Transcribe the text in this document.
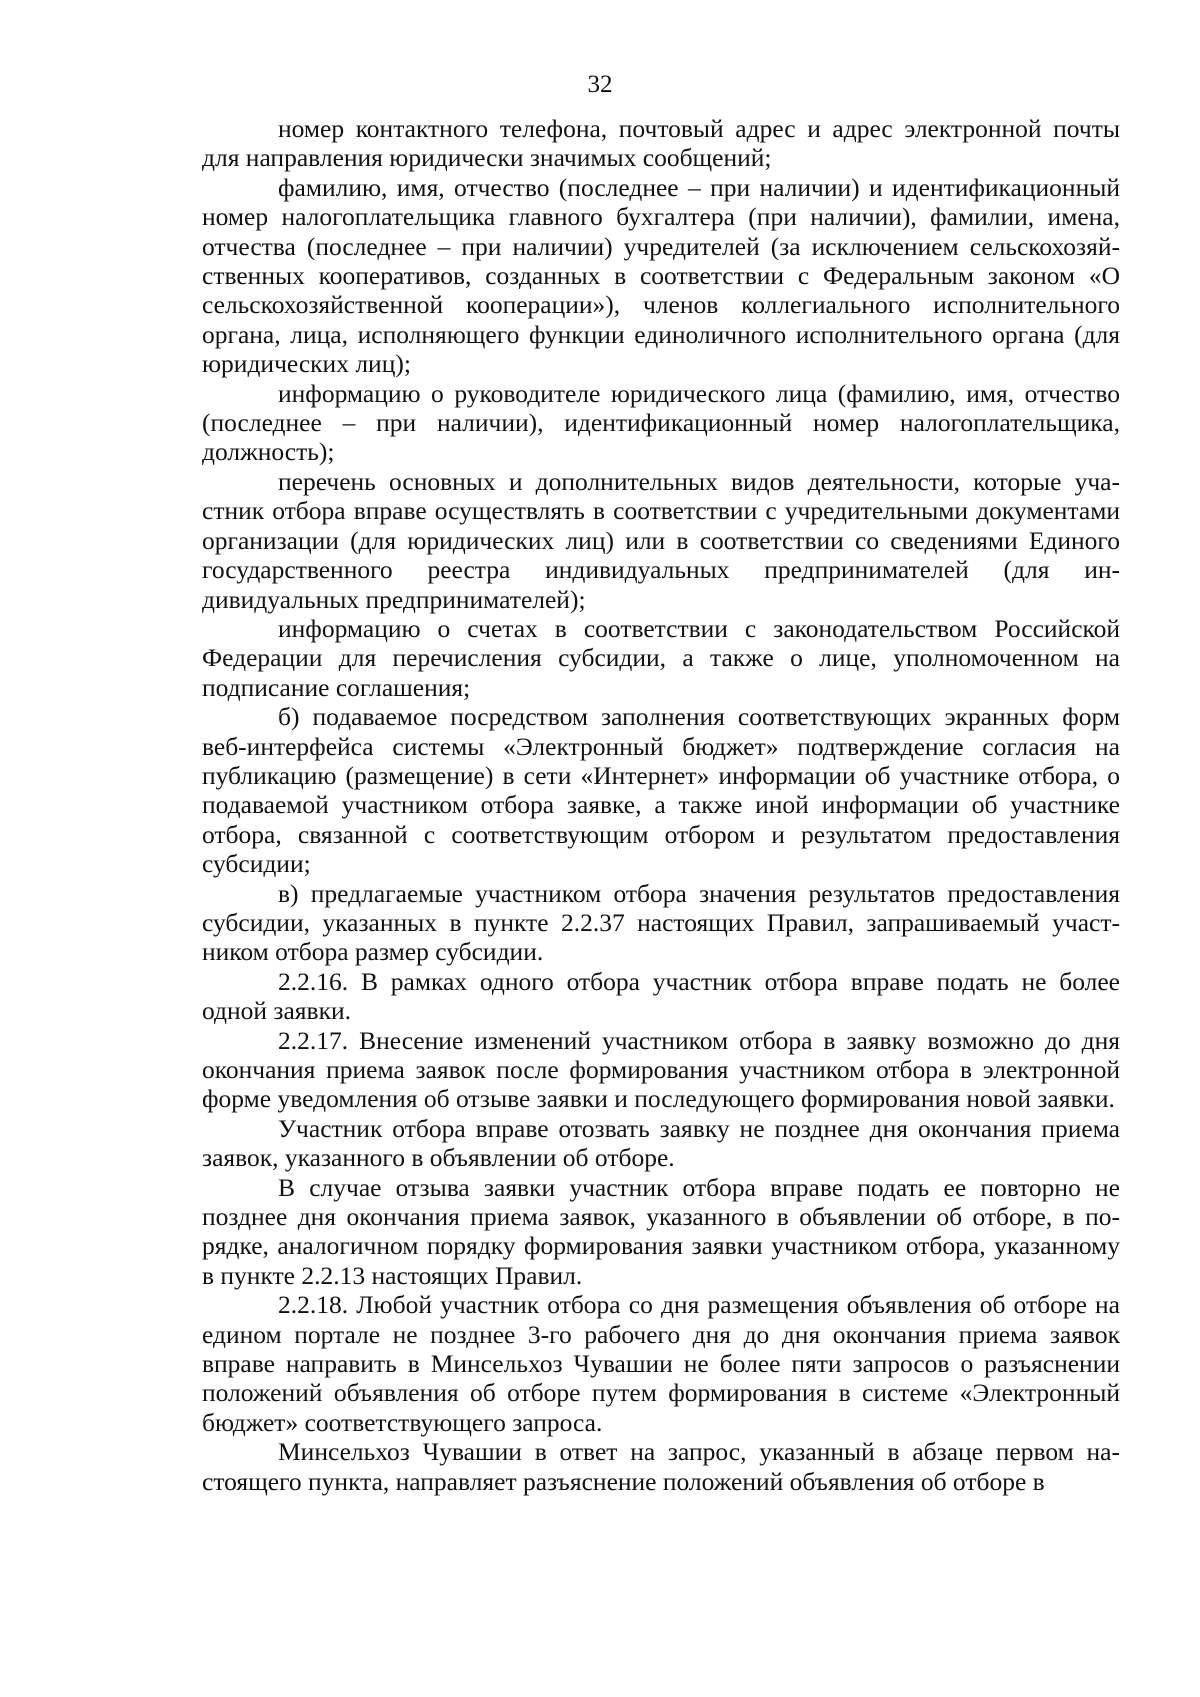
32

номер контактного телефона, почтовый адрес и адрес электронной почты для направления юридически значимых сообщений;

фамилию, имя, отчество (последнее – при наличии) и идентификационный номер налогоплательщика главного бухгалтера (при наличии), фамилии, имена, отчества (последнее – при наличии) учредителей (за исключением сельскохозяйственных кооперативов, созданных в соответствии с Федеральным законом «О сельскохозяйственной кооперации»), членов коллегиального исполнительного органа, лица, исполняющего функции единоличного исполнительного органа (для юридических лиц);

информацию о руководителе юридического лица (фамилию, имя, отчество (последнее – при наличии), идентификационный номер налогоплательщика, должность);

перечень основных и дополнительных видов деятельности, которые участник отбора вправе осуществлять в соответствии с учредительными документами организации (для юридических лиц) или в соответствии со сведениями Единого государственного реестра индивидуальных предпринимателей (для индивидуальных предпринимателей);

информацию о счетах в соответствии с законодательством Российской Федерации для перечисления субсидии, а также о лице, уполномоченном на подписание соглашения;

б) подаваемое посредством заполнения соответствующих экранных форм веб-интерфейса системы «Электронный бюджет» подтверждение согласия на публикацию (размещение) в сети «Интернет» информации об участнике отбора, о подаваемой участником отбора заявке, а также иной информации об участнике отбора, связанной с соответствующим отбором и результатом предоставления субсидии;

в) предлагаемые участником отбора значения результатов предоставления субсидии, указанных в пункте 2.2.37 настоящих Правил, запрашиваемый участником отбора размер субсидии.

2.2.16. В рамках одного отбора участник отбора вправе подать не более одной заявки.

2.2.17. Внесение изменений участником отбора в заявку возможно до дня окончания приема заявок после формирования участником отбора в электронной форме уведомления об отзыве заявки и последующего формирования новой заявки.

Участник отбора вправе отозвать заявку не позднее дня окончания приема заявок, указанного в объявлении об отборе.

В случае отзыва заявки участник отбора вправе подать ее повторно не позднее дня окончания приема заявок, указанного в объявлении об отборе, в порядке, аналогичном порядку формирования заявки участником отбора, указанному в пункте 2.2.13 настоящих Правил.

2.2.18. Любой участник отбора со дня размещения объявления об отборе на едином портале не позднее 3-го рабочего дня до дня окончания приема заявок вправе направить в Минсельхоз Чувашии не более пяти запросов о разъяснении положений объявления об отборе путем формирования в системе «Электронный бюджет» соответствующего запроса.

Минсельхоз Чувашии в ответ на запрос, указанный в абзаце первом настоящего пункта, направляет разъяснение положений объявления об отборе в
